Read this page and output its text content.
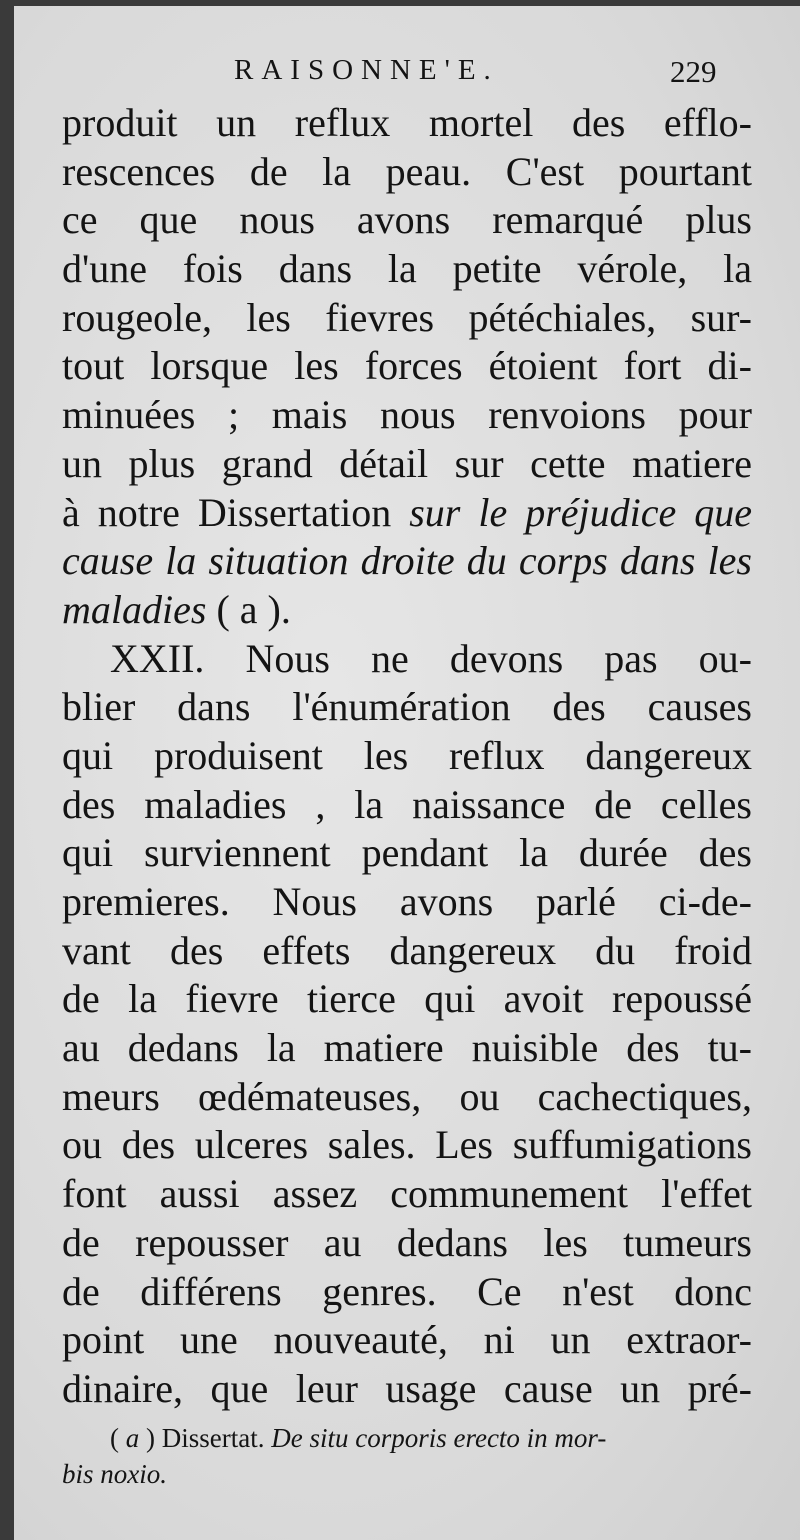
RAISONNE'E.	229
produit un reflux mortel des efflo-
rescences de la peau. C'est pourtant
ce que nous avons remarqué plus
d'une fois dans la petite vérole, la
rougeole, les fievres pétéchiales, sur-
tout lorsque les forces étoient fort di-
minuées ; mais nous renvoions pour
un plus grand détail sur cette matiere
à notre Dissertation sur le préjudice que
cause la situation droite du corps dans les
maladies ( a ).
XXII. Nous ne devons pas ou-
blier dans l'énumération des causes
qui produisent les reflux dangereux
des maladies , la naissance de celles
qui surviennent pendant la durée des
premieres. Nous avons parlé ci-de-
vant des effets dangereux du froid
de la fievre tierce qui avoit repoussé
au dedans la matiere nuisible des tu-
meurs œdémateuses, ou cachectiques,
ou des ulceres sales. Les suffumigations
font aussi assez communement l'effet
de repousser au dedans les tumeurs
de différens genres. Ce n'est donc
point une nouveauté, ni un extraor-
dinaire, que leur usage cause un pré-
( a ) Dissertat. De situ corporis erecto in mor-
bis noxio.
